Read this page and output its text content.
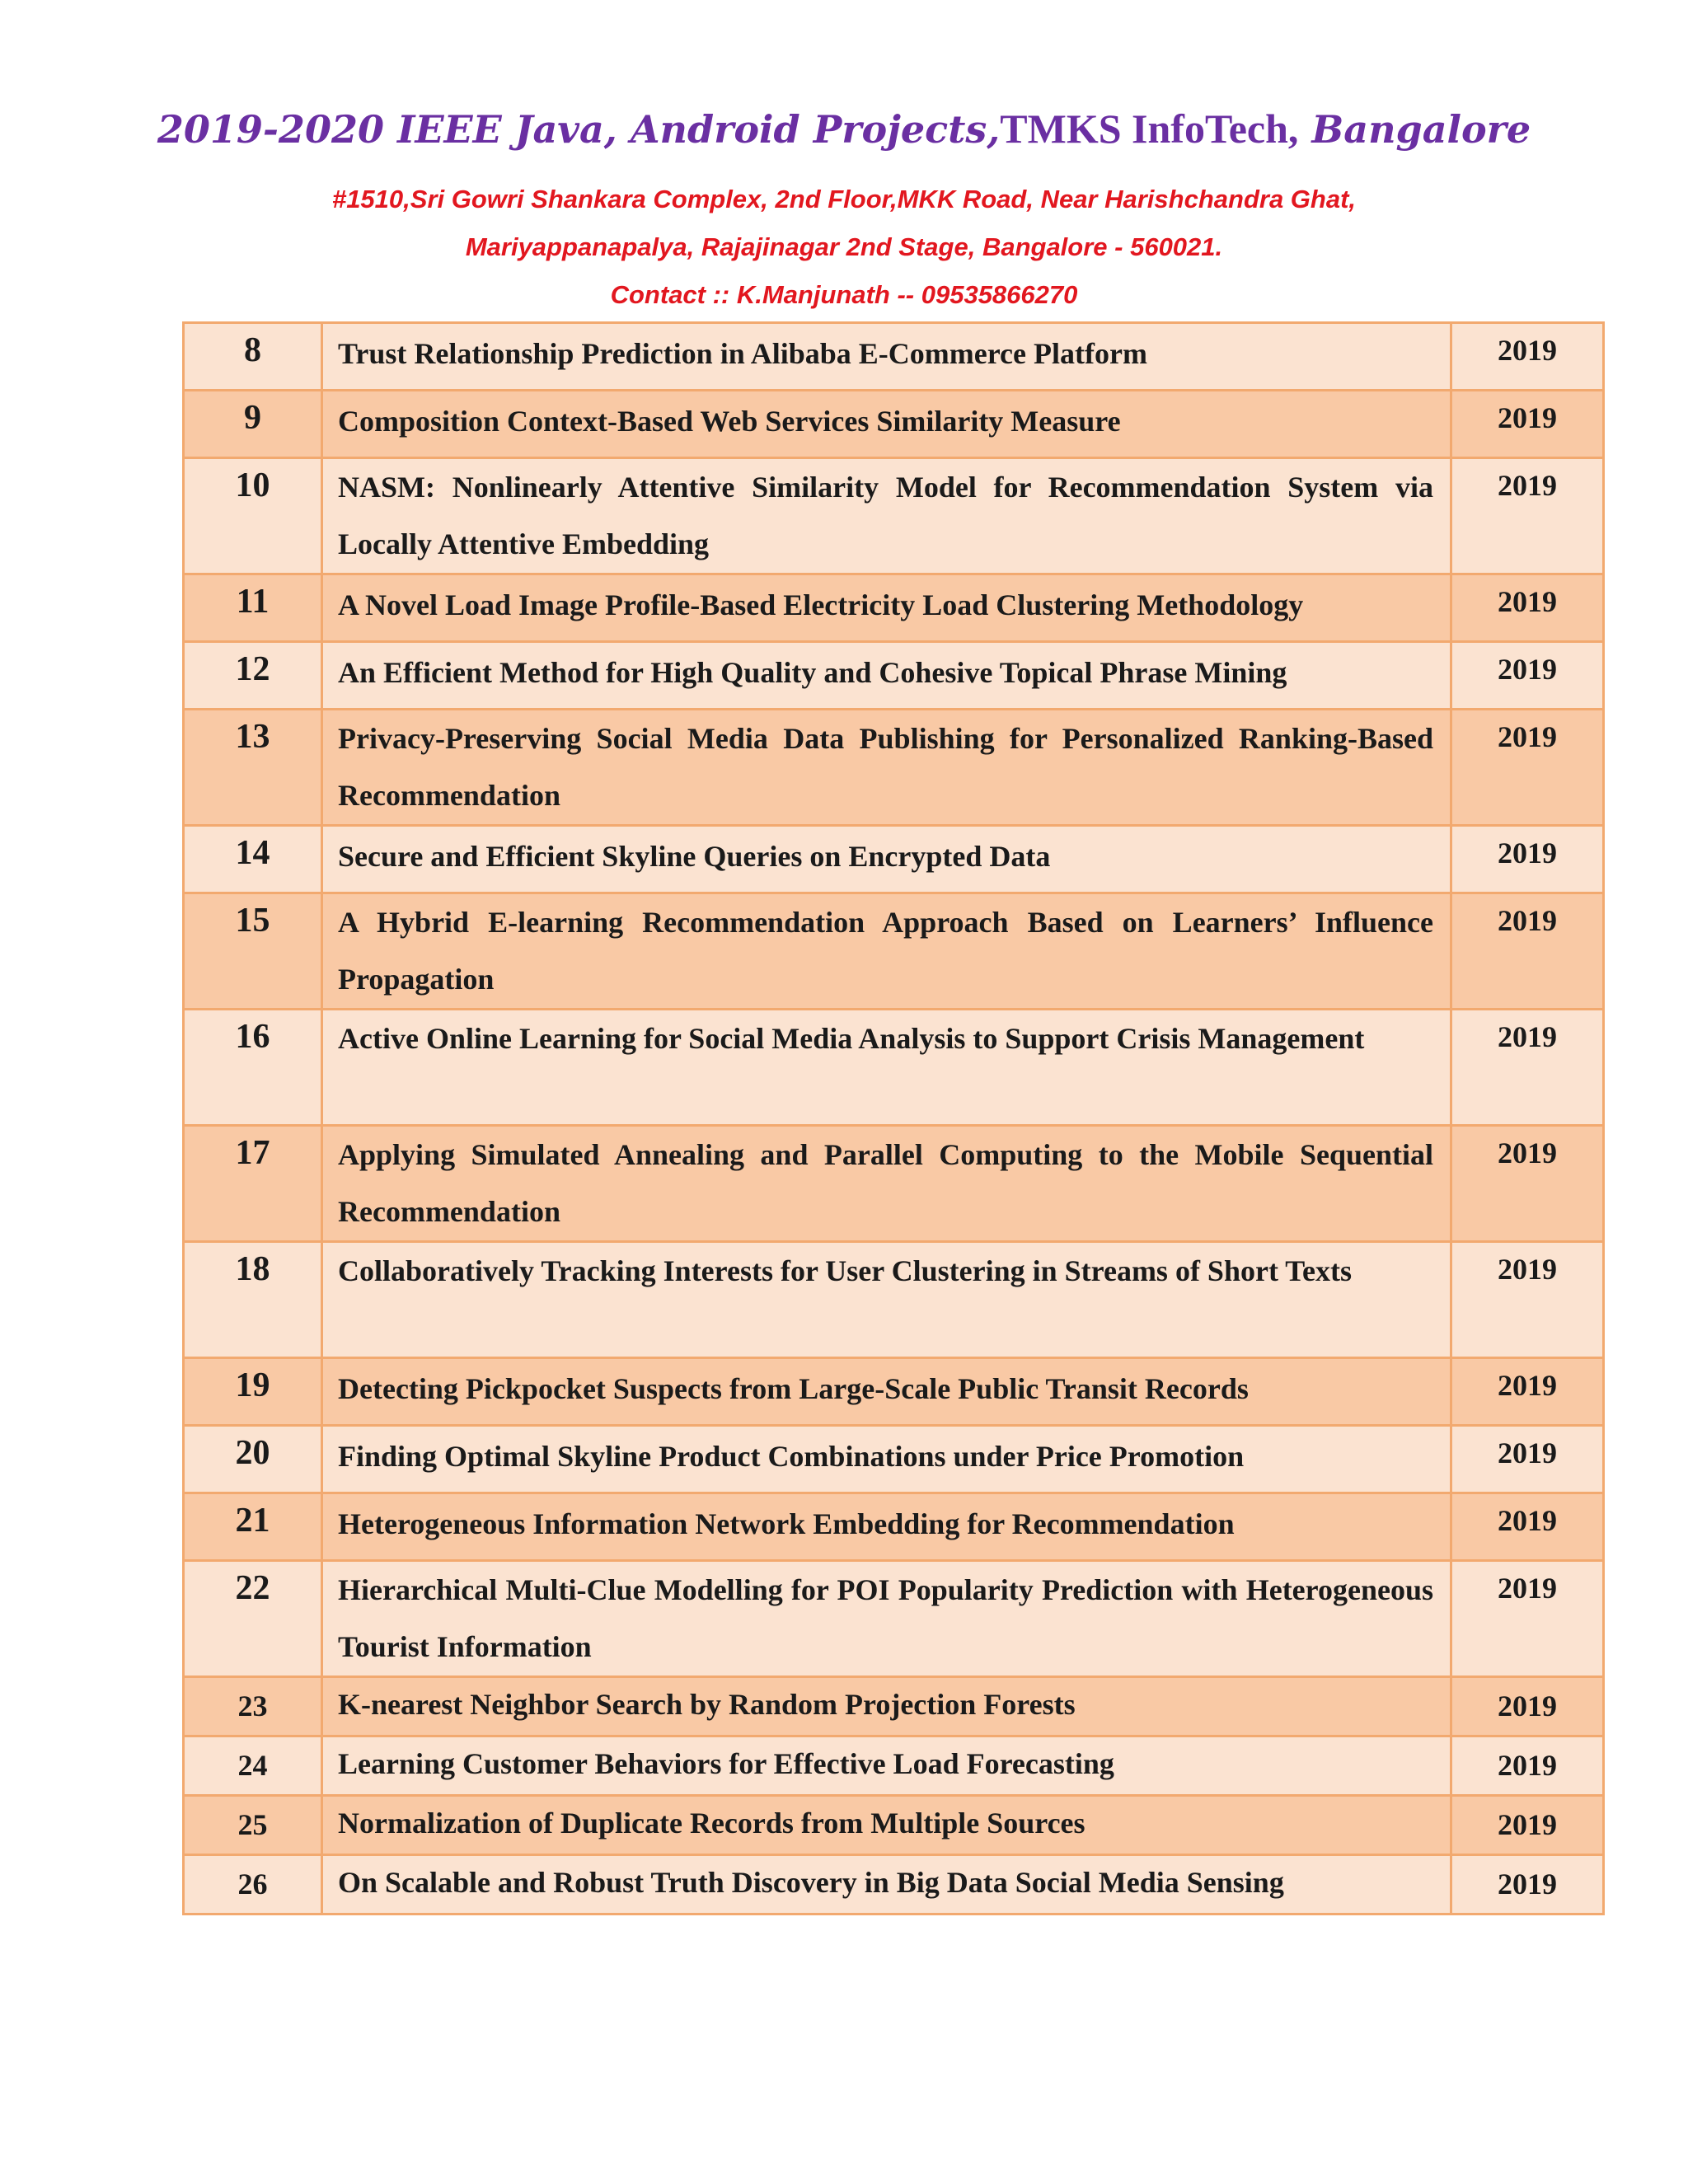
2019-2020 IEEE Java, Android Projects,TMKS InfoTech, Bangalore

#1510,Sri Gowri Shankara Complex, 2nd Floor,MKK Road, Near Harishchandra Ghat,

Mariyappanapalya, Rajajinagar 2nd Stage, Bangalore - 560021.

Contact :: K.Manjunath -- 09535866270

8	Trust Relationship Prediction in Alibaba E-Commerce Platform	2019
9	Composition Context-Based Web Services Similarity Measure	2019
10	NASM: Nonlinearly Attentive Similarity Model for Recommendation System via Locally Attentive Embedding	2019
11	A Novel Load Image Profile-Based Electricity Load Clustering Methodology	2019
12	An Efficient Method for High Quality and Cohesive Topical Phrase Mining	2019
13	Privacy-Preserving Social Media Data Publishing for Personalized Ranking-Based Recommendation	2019
14	Secure and Efficient Skyline Queries on Encrypted Data	2019
15	A Hybrid E-learning Recommendation Approach Based on Learners’ Influence Propagation	2019
16	Active Online Learning for Social Media Analysis to Support Crisis Management	2019
17	Applying Simulated Annealing and Parallel Computing to the Mobile Sequential Recommendation	2019
18	Collaboratively Tracking Interests for User Clustering in Streams of Short Texts	2019
19	Detecting Pickpocket Suspects from Large-Scale Public Transit Records	2019
20	Finding Optimal Skyline Product Combinations under Price Promotion	2019
21	Heterogeneous Information Network Embedding for Recommendation	2019
22	Hierarchical Multi-Clue Modelling for POI Popularity Prediction with Heterogeneous Tourist Information	2019
23	K-nearest Neighbor Search by Random Projection Forests	2019
24	Learning Customer Behaviors for Effective Load Forecasting	2019
25	Normalization of Duplicate Records from Multiple Sources	2019
26	On Scalable and Robust Truth Discovery in Big Data Social Media Sensing	2019
